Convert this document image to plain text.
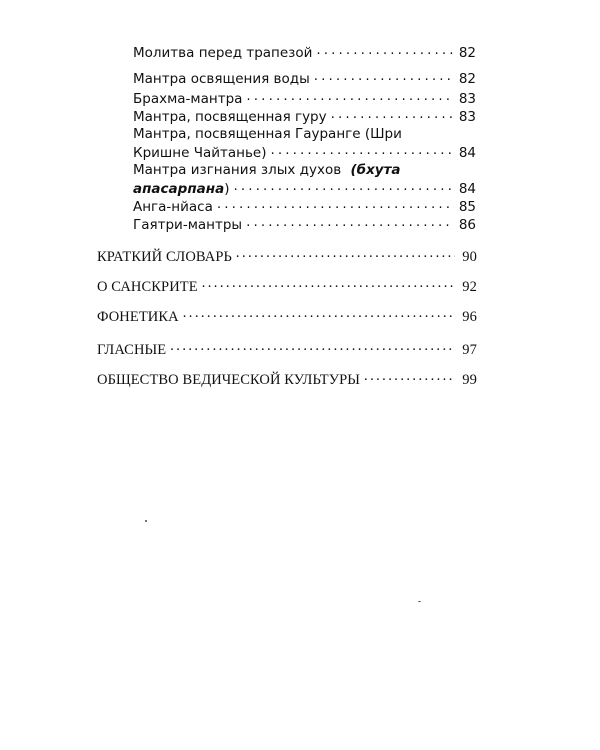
Молитва перед трапезой . . .	82
Мантра освящения воды . . .	82
Брахма-мантра . . .	83
Мантра, посвященная гуру . . .	83
Мантра, посвященная Гауранге (Шри
Кришне Чайтанье) . . .	84
Мантра изгнания злых духов (бхута
апасарпана) . . .	84
Анга-нйаса . . .	85
Гаятри-мантры . . .	86
КРАТКИЙ СЛОВАРЬ . . .	90
О САНСКРИТЕ . . .	92
ФОНЕТИКА . . .	96
ГЛАСНЫЕ . . .	97
ОБЩЕСТВО ВЕДИЧЕСКОЙ КУЛЬТУРЫ . . .	99
